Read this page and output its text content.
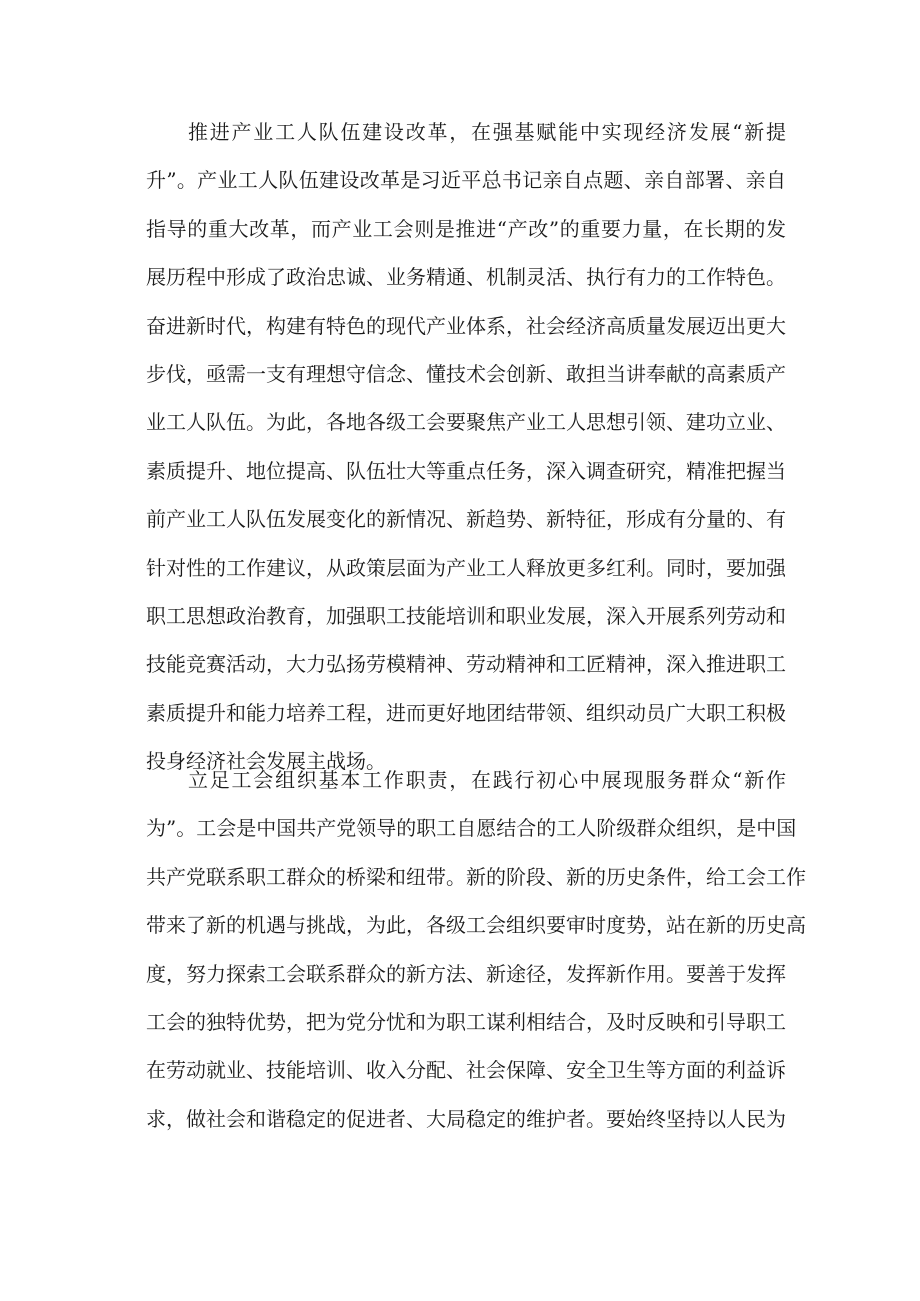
推进产业工人队伍建设改革，在强基赋能中实现经济发展“新提
升”。产业工人队伍建设改革是习近平总书记亲自点题、亲自部署、亲自
指导的重大改革，而产业工会则是推进“产改”的重要力量，在长期的发
展历程中形成了政治忠诚、业务精通、机制灵活、执行有力的工作特色。
奋进新时代，构建有特色的现代产业体系，社会经济高质量发展迈出更大
步伐，亟需一支有理想守信念、懂技术会创新、敢担当讲奉献的高素质产
业工人队伍。为此，各地各级工会要聚焦产业工人思想引领、建功立业、
素质提升、地位提高、队伍壮大等重点任务，深入调查研究，精准把握当
前产业工人队伍发展变化的新情况、新趋势、新特征，形成有分量的、有
针对性的工作建议，从政策层面为产业工人释放更多红利。同时，要加强
职工思想政治教育，加强职工技能培训和职业发展，深入开展系列劳动和
技能竞赛活动，大力弘扬劳模精神、劳动精神和工匠精神，深入推进职工
素质提升和能力培养工程，进而更好地团结带领、组织动员广大职工积极
投身经济社会发展主战场。
立足工会组织基本工作职责，在践行初心中展现服务群众“新作
为”。工会是中国共产党领导的职工自愿结合的工人阶级群众组织，是中国
共产党联系职工群众的桥梁和纽带。新的阶段、新的历史条件，给工会工作
带来了新的机遇与挑战，为此，各级工会组织要审时度势，站在新的历史高
度，努力探索工会联系群众的新方法、新途径，发挥新作用。要善于发挥
工会的独特优势，把为党分忧和为职工谋利相结合，及时反映和引导职工
在劳动就业、技能培训、收入分配、社会保障、安全卫生等方面的利益诉
求，做社会和谐稳定的促进者、大局稳定的维护者。要始终坚持以人民为
